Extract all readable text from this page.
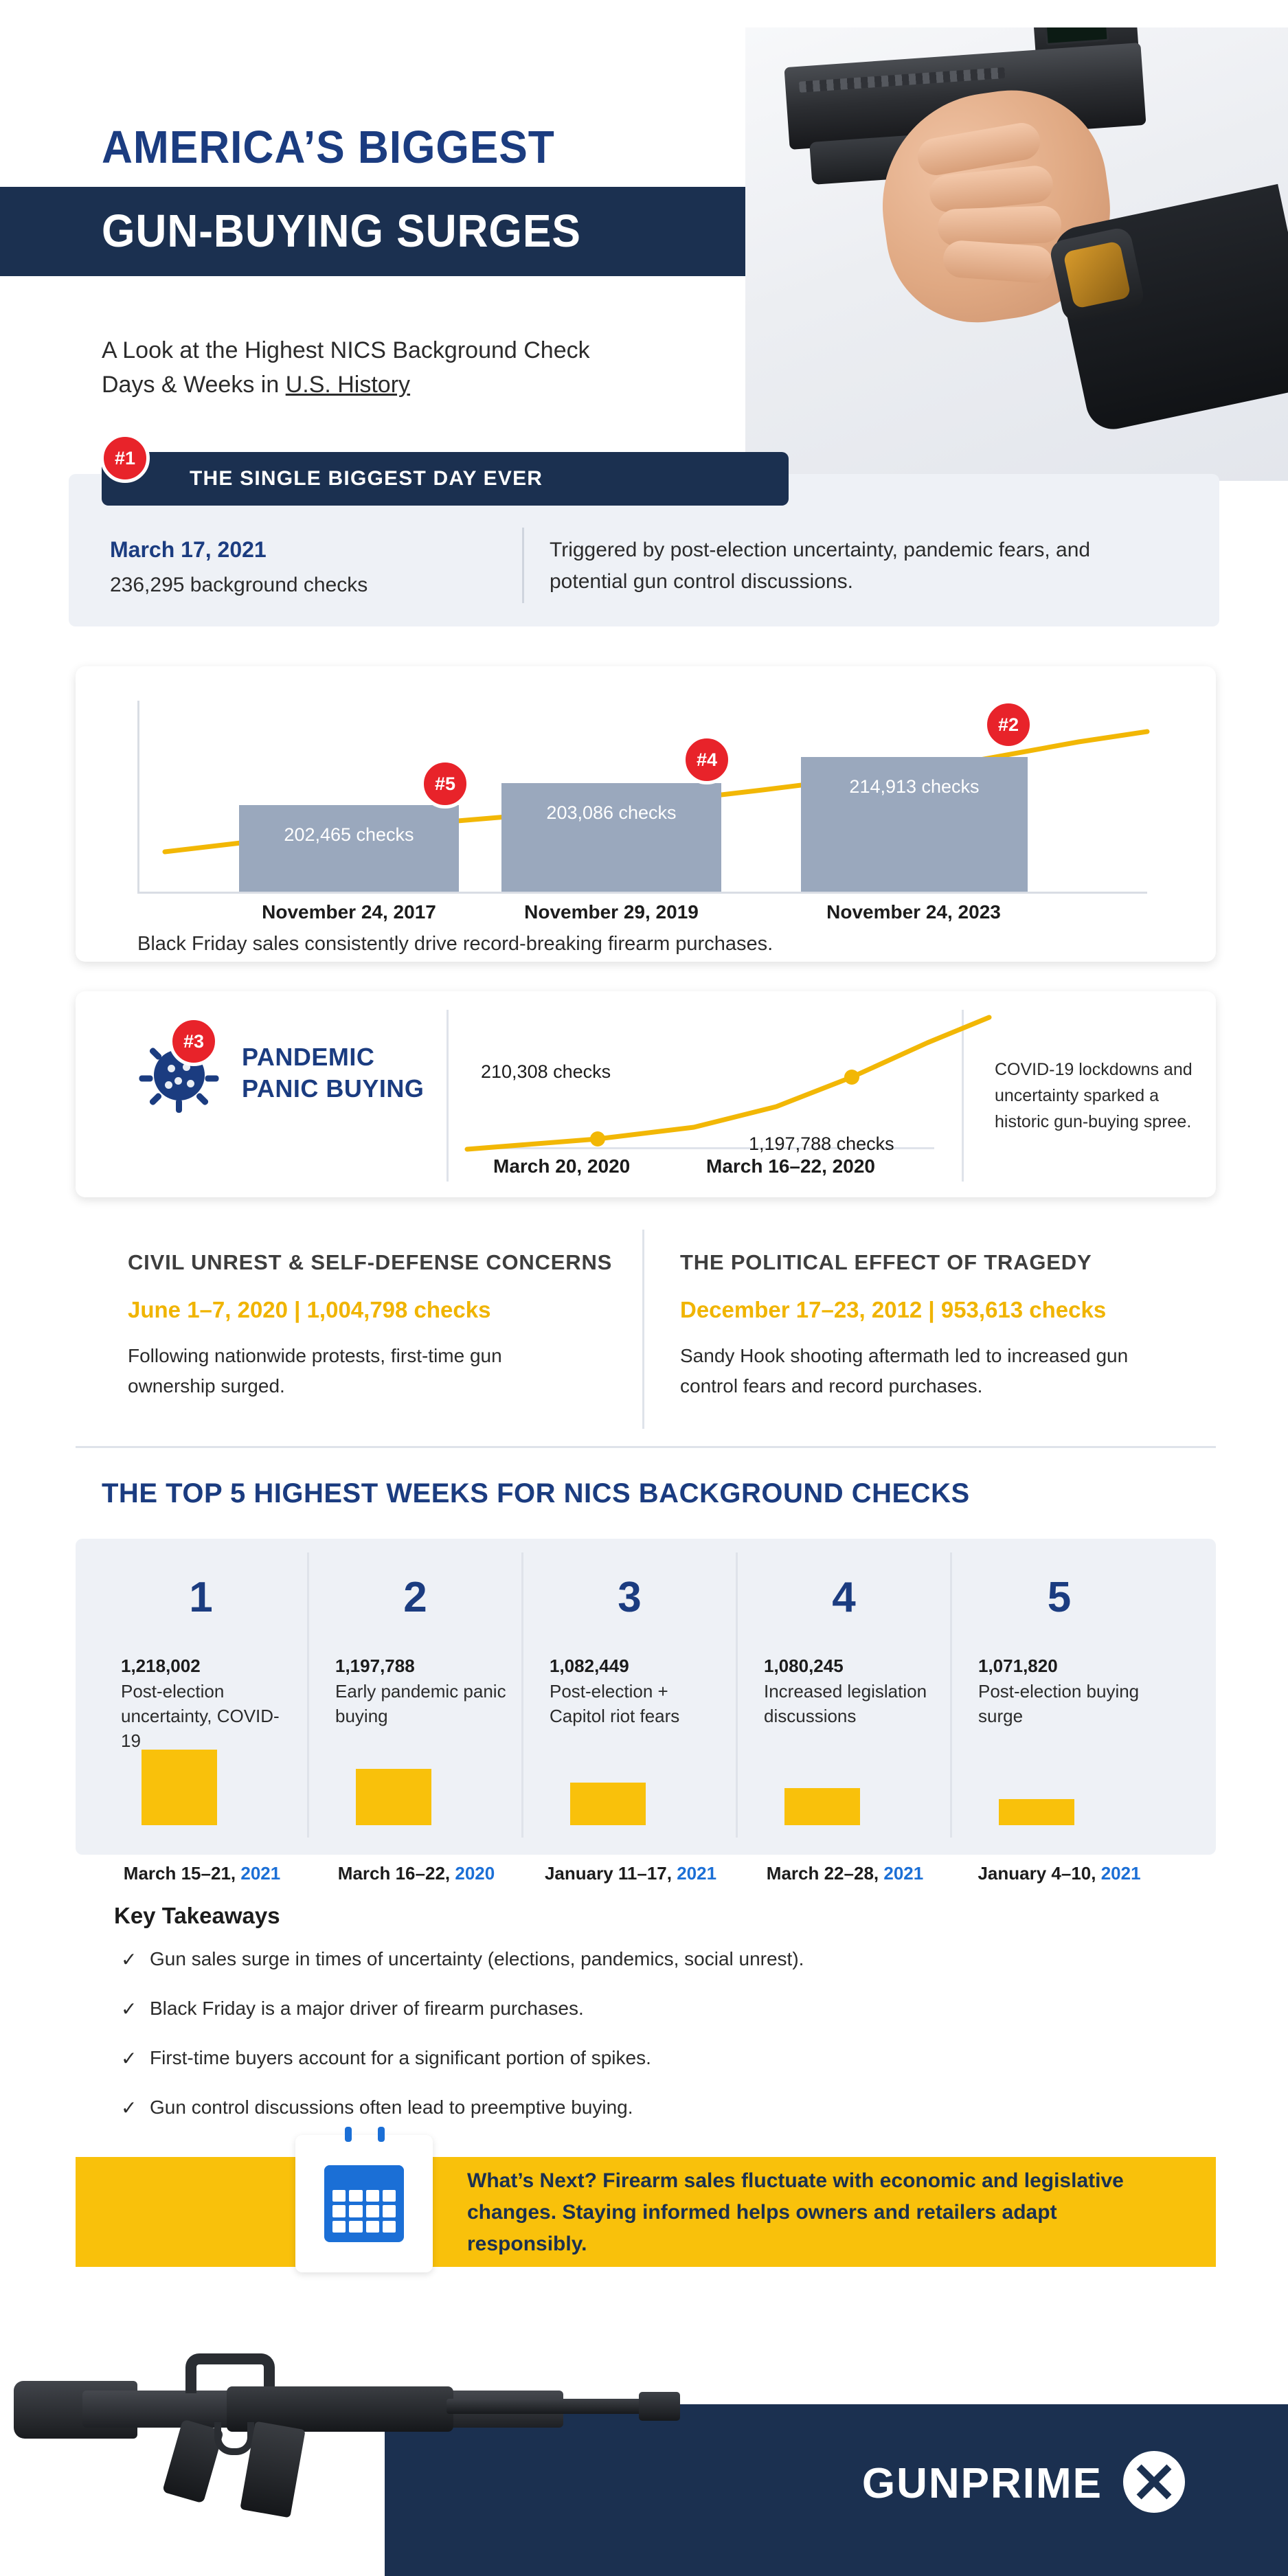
AMERICA’S BIGGEST
GUN-BUYING SURGES
A Look at the Highest NICS Background Check
Days & Weeks in U.S. History
THE SINGLE BIGGEST DAY EVER
#1
March 17, 2021
236,295 background checks
Triggered by post-election uncertainty, pandemic fears, and potential gun control discussions.
202,465 checks
203,086 checks
214,913 checks
#5
#4
#2
November 24, 2017	November 29, 2019	November 24, 2023
Black Friday sales consistently drive record-breaking firearm purchases.
#3
PANDEMIC
PANIC BUYING
210,308 checks
1,197,788 checks
March 20, 2020	March 16–22, 2020
COVID-19 lockdowns and uncertainty sparked a historic gun-buying spree.
CIVIL UNREST & SELF-DEFENSE CONCERNS
June 1–7, 2020 | 1,004,798 checks
Following nationwide protests, first-time gun ownership surged.
THE POLITICAL EFFECT OF TRAGEDY
December 17–23, 2012 | 953,613 checks
Sandy Hook shooting aftermath led to increased gun control fears and record purchases.
THE TOP 5 HIGHEST WEEKS FOR NICS BACKGROUND CHECKS
1
1,218,002
Post-election uncertainty, COVID-19
2
1,197,788
Early pandemic panic buying
3
1,082,449
Post-election + Capitol riot fears
4
1,080,245
Increased legislation discussions
5
1,071,820
Post-election buying surge
March 15–21, 2021	March 16–22, 2020	January 11–17, 2021	March 22–28, 2021	January 4–10, 2021
Key Takeaways
✓ Gun sales surge in times of uncertainty (elections, pandemics, social unrest).
✓ Black Friday is a major driver of firearm purchases.
✓ First-time buyers account for a significant portion of spikes.
✓ Gun control discussions often lead to preemptive buying.
What’s Next? Firearm sales fluctuate with economic and legislative changes. Staying informed helps owners and retailers adapt responsibly.
GUNPRIME
